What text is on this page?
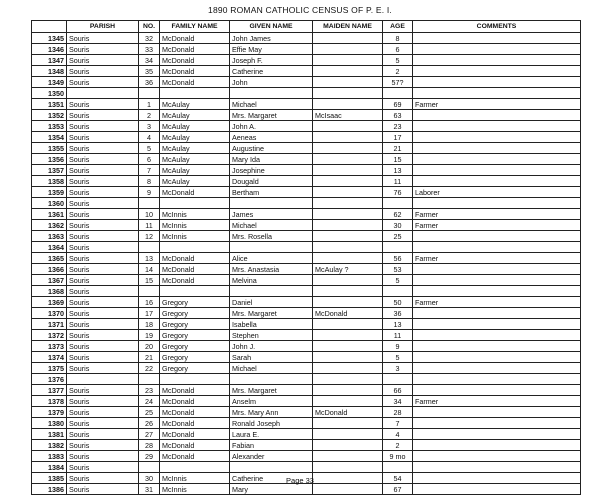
1890 ROMAN CATHOLIC CENSUS OF P. E. I.
	PARISH	NO.	FAMILY NAME	GIVEN NAME	MAIDEN NAME	AGE	COMMENTS
1345	Souris	32	McDonald	John James		8	
1346	Souris	33	McDonald	Effie May		6	
1347	Souris	34	McDonald	Joseph F.		5	
1348	Souris	35	McDonald	Catherine		2	
1349	Souris	36	McDonald	John		57?	
1350							
1351	Souris	1	McAulay	Michael		69	Farmer
1352	Souris	2	McAulay	Mrs. Margaret	McIsaac	63	
1353	Souris	3	McAulay	John A.		23	
1354	Souris	4	McAulay	Aeneas		17	
1355	Souris	5	McAulay	Augustine		21	
1356	Souris	6	McAulay	Mary Ida		15	
1357	Souris	7	McAulay	Josephine		13	
1358	Souris	8	McAulay	Dougald		11	
1359	Souris	9	McDonald	Bertham		76	Laborer
1360	Souris						
1361	Souris	10	McInnis	James		62	Farmer
1362	Souris	11	McInnis	Michael		30	Farmer
1363	Souris	12	McInnis	Mrs. Rosella		25	
1364	Souris						
1365	Souris	13	McDonald	Alice		56	Farmer
1366	Souris	14	McDonald	Mrs. Anastasia	McAulay ?	53	
1367	Souris	15	McDonald	Melvina		5	
1368	Souris						
1369	Souris	16	Gregory	Daniel		50	Farmer
1370	Souris	17	Gregory	Mrs. Margaret	McDonald	36	
1371	Souris	18	Gregory	Isabella		13	
1372	Souris	19	Gregory	Stephen		11	
1373	Souris	20	Gregory	John J.		9	
1374	Souris	21	Gregory	Sarah		5	
1375	Souris	22	Gregory	Michael		3	
1376							
1377	Souris	23	McDonald	Mrs. Margaret		66	
1378	Souris	24	McDonald	Anselm		34	Farmer
1379	Souris	25	McDonald	Mrs. Mary Ann	McDonald	28	
1380	Souris	26	McDonald	Ronald Joseph		7	
1381	Souris	27	McDonald	Laura E.		4	
1382	Souris	28	McDonald	Fabian		2	
1383	Souris	29	McDonald	Alexander		9 mo	
1384	Souris						
1385	Souris	30	McInnis	Catherine		54	
1386	Souris	31	McInnis	Mary		67	
Page 33
